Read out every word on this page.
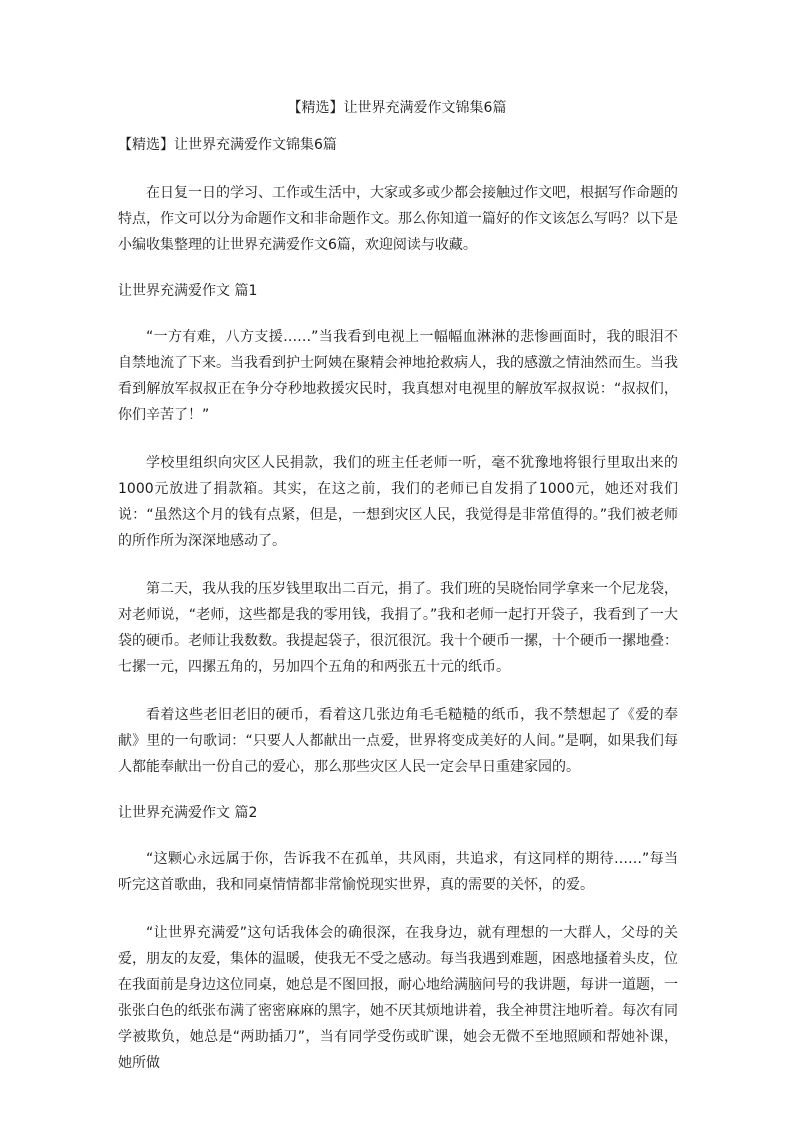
【精选】让世界充满爱作文锦集6篇
【精选】让世界充满爱作文锦集6篇

在日复一日的学习、工作或生活中，大家或多或少都会接触过作文吧，根据写作命题的特点，作文可以分为命题作文和非命题作文。那么你知道一篇好的作文该怎么写吗？以下是小编收集整理的让世界充满爱作文6篇，欢迎阅读与收藏。

让世界充满爱作文 篇1

“一方有难，八方支援……”当我看到电视上一幅幅血淋淋的悲惨画面时，我的眼泪不自禁地流了下来。当我看到护士阿姨在聚精会神地抢救病人，我的感激之情油然而生。当我看到解放军叔叔正在争分夺秒地救援灾民时，我真想对电视里的解放军叔叔说：“叔叔们，你们辛苦了！”

学校里组织向灾区人民捐款，我们的班主任老师一听，毫不犹豫地将银行里取出来的1000元放进了捐款箱。其实，在这之前，我们的老师已自发捐了1000元，她还对我们说：“虽然这个月的钱有点紧，但是，一想到灾区人民，我觉得是非常值得的。”我们被老师的所作所为深深地感动了。

第二天，我从我的压岁钱里取出二百元，捐了。我们班的吴晓怡同学拿来一个尼龙袋，对老师说，“老师，这些都是我的零用钱，我捐了。”我和老师一起打开袋子，我看到了一大袋的硬币。老师让我数数。我提起袋子，很沉很沉。我十个硬币一摞，十个硬币一摞地叠：七摞一元，四摞五角的，另加四个五角的和两张五十元的纸币。

看着这些老旧老旧的硬币，看着这几张边角毛毛糙糙的纸币，我不禁想起了《爱的奉献》里的一句歌词：“只要人人都献出一点爱，世界将变成美好的人间。”是啊，如果我们每人都能奉献出一份自己的爱心，那么那些灾区人民一定会早日重建家园的。

让世界充满爱作文 篇2

“这颗心永远属于你，告诉我不在孤单，共风雨，共追求，有这同样的期待……”每当听完这首歌曲，我和同桌情情都非常愉悦现实世界，真的需要的关怀，的爱。

“让世界充满爱”这句话我体会的确很深，在我身边，就有理想的一大群人，父母的关爱，朋友的友爱，集体的温暖，使我无不受之感动。每当我遇到难题，困惑地搔着头皮，位在我面前是身边这位同桌，她总是不图回报，耐心地给满脑问号的我讲题，每讲一道题，一张张白色的纸张布满了密密麻麻的黑字，她不厌其烦地讲着，我全神贯注地听着。每次有同学被欺负，她总是“两助插刀”，当有同学受伤或旷课，她会无微不至地照顾和帮她补课，她所做
